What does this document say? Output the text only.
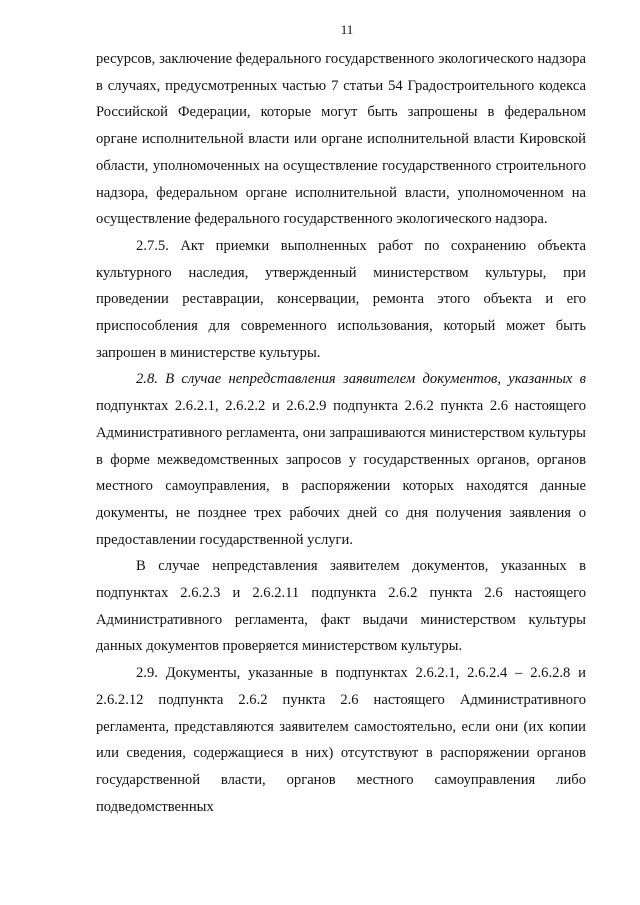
11

ресурсов, заключение федерального государственного экологического надзора в случаях, предусмотренных частью 7 статьи 54 Градостроительного кодекса Российской Федерации, которые могут быть запрошены в федеральном органе исполнительной власти или органе исполнительной власти Кировской области, уполномоченных на осуществление государственного строительного надзора, федеральном органе исполнительной власти, уполномоченном на осуществление федерального государственного экологического надзора.

2.7.5. Акт приемки выполненных работ по сохранению объекта культурного наследия, утвержденный министерством культуры, при проведении реставрации, консервации, ремонта этого объекта и его приспособления для современного использования, который может быть запрошен в министерстве культуры.

2.8. В случае непредставления заявителем документов, указанных в подпунктах 2.6.2.1, 2.6.2.2 и 2.6.2.9 подпункта 2.6.2 пункта 2.6 настоящего Административного регламента, они запрашиваются министерством культуры в форме межведомственных запросов у государственных органов, органов местного самоуправления, в распоряжении которых находятся данные документы, не позднее трех рабочих дней со дня получения заявления о предоставлении государственной услуги.

В случае непредставления заявителем документов, указанных в подпунктах 2.6.2.3 и 2.6.2.11 подпункта 2.6.2 пункта 2.6 настоящего Административного регламента, факт выдачи министерством культуры данных документов проверяется министерством культуры.

2.9. Документы, указанные в подпунктах 2.6.2.1, 2.6.2.4 – 2.6.2.8 и 2.6.2.12 подпункта 2.6.2 пункта 2.6 настоящего Административного регламента, представляются заявителем самостоятельно, если они (их копии или сведения, содержащиеся в них) отсутствуют в распоряжении органов государственной власти, органов местного самоуправления либо подведомственных
